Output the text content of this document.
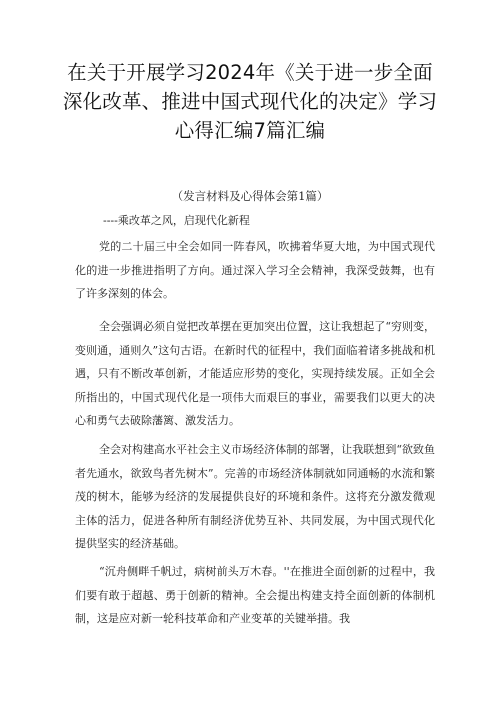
在关于开展学习2024年《关于进一步全面深化改革、推进中国式现代化的决定》学习心得汇编7篇汇编
（发言材料及心得体会第1篇）
----乘改革之风，启现代化新程

党的二十届三中全会如同一阵春风，吹拂着华夏大地，为中国式现代化的进一步推进指明了方向。通过深入学习全会精神，我深受鼓舞，也有了许多深刻的体会。

全会强调必须自觉把改革摆在更加突出位置，这让我想起了“穷则变，变则通，通则久”这句古语。在新时代的征程中，我们面临着诸多挑战和机遇，只有不断改革创新，才能适应形势的变化，实现持续发展。正如全会所指出的，中国式现代化是一项伟大而艰巨的事业，需要我们以更大的决心和勇气去破除藩篱、激发活力。

全会对构建高水平社会主义市场经济体制的部署，让我联想到“欲致鱼者先通水，欲致鸟者先树木”。完善的市场经济体制就如同通畅的水流和繁茂的树木，能够为经济的发展提供良好的环境和条件。这将充分激发微观主体的活力，促进各种所有制经济优势互补、共同发展，为中国式现代化提供坚实的经济基础。

“沉舟侧畔千帆过，病树前头万木春。''在推进全面创新的过程中，我们要有敢于超越、勇于创新的精神。全会提出构建支持全面创新的体制机制，这是应对新一轮科技革命和产业变革的关键举措。我
